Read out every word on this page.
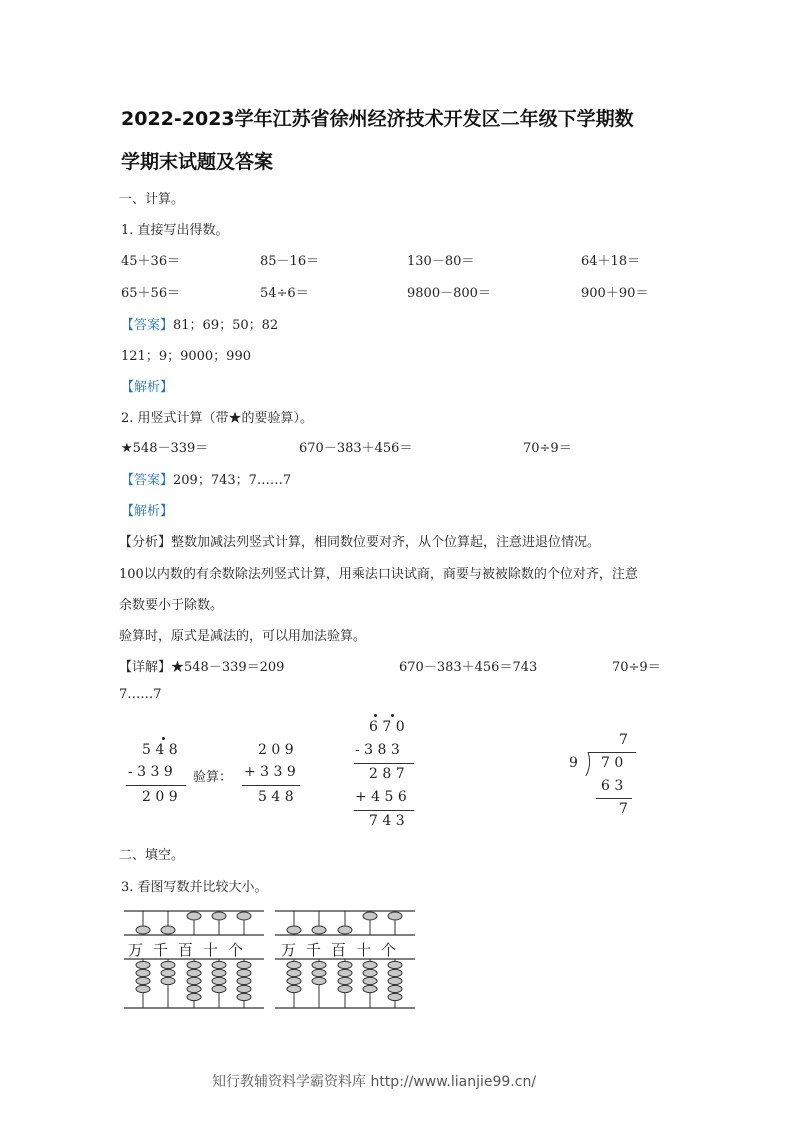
2022-2023学年江苏省徐州经济技术开发区二年级下学期数
学期末试题及答案
一、计算。
1. 直接写出得数。
45＋36＝	85－16＝	130－80＝	64＋18＝
65＋56＝	54÷6＝	9800－800＝	900＋90＝
【答案】81；69；50；82
121；9；9000；990
【解析】
2. 用竖式计算（带★的要验算）。
★548－339＝	670－383＋456＝	70÷9＝
【答案】209；743；7……7
【解析】
【分析】整数加减法列竖式计算，相同数位要对齐，从个位算起，注意进退位情况。
100以内数的有余数除法列竖式计算，用乘法口诀试商，商要与被被除数的个位对齐，注意
余数要小于除数。
验算时，原式是减法的，可以用加法验算。
【详解】★548－339＝209	670－383＋456＝743	70÷9＝
7……7
5 4 8
- 3 3 9
2 0 9
验算：
2 0 9
+ 3 3 9
5 4 8
6 7 0
- 3 8 3
2 8 7
+ 4 5 6
7 4 3
7
9 7 0
6 3
7
二、填空。
3. 看图写数并比较大小。
万 千 百 十 个	万 千 百 十 个
知行教辅资料学霸资料库 http://www.lianjie99.cn/
